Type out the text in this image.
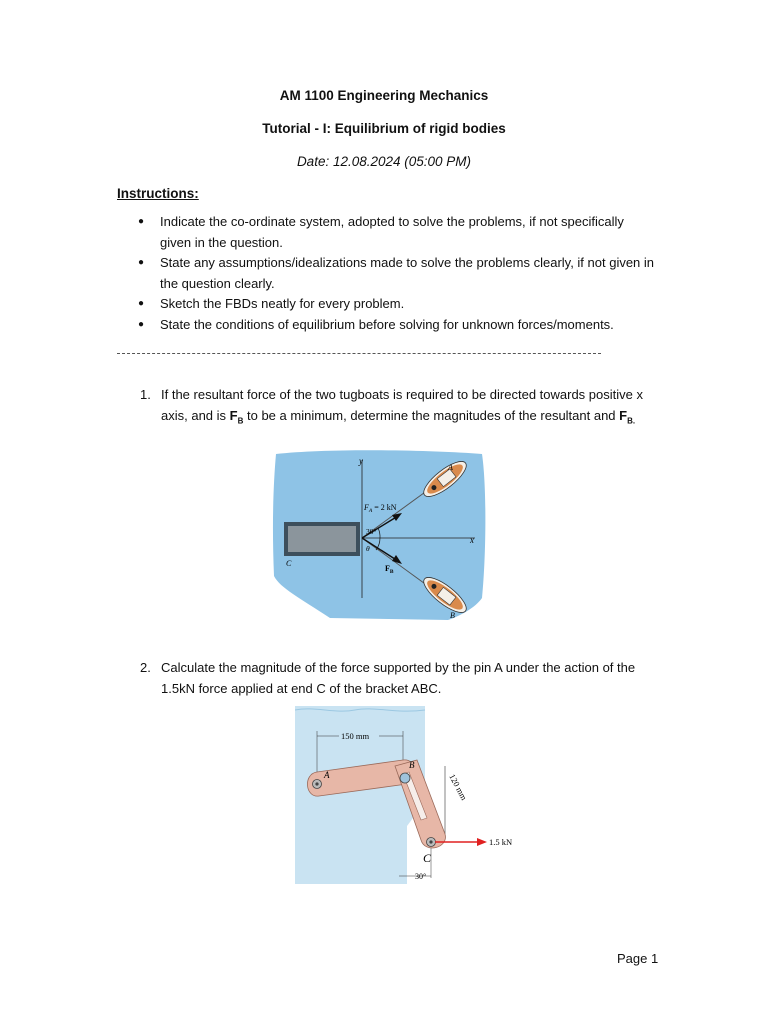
AM 1100 Engineering Mechanics
Tutorial - I: Equilibrium of rigid bodies
Date: 12.08.2024 (05:00 PM)
Instructions:
● Indicate the co-ordinate system, adopted to solve the problems, if not specifically given in the question.
● State any assumptions/idealizations made to solve the problems clearly, if not given in the question clearly.
● Sketch the FBDs neatly for every problem.
● State the conditions of equilibrium before solving for unknown forces/moments.
1. If the resultant force of the two tugboats is required to be directed towards positive x axis, and is $F_B$ to be a minimum, determine the magnitudes of the resultant and $F_{B.}$
y
x
C
$F_A = 2$ kN
30°
θ
$F_B$
A
B
2. Calculate the magnitude of the force supported by the pin A under the action of the 1.5kN force applied at end C of the bracket ABC.
150 mm
120 mm
A
B
C
1.5 kN
30°
Page 1
